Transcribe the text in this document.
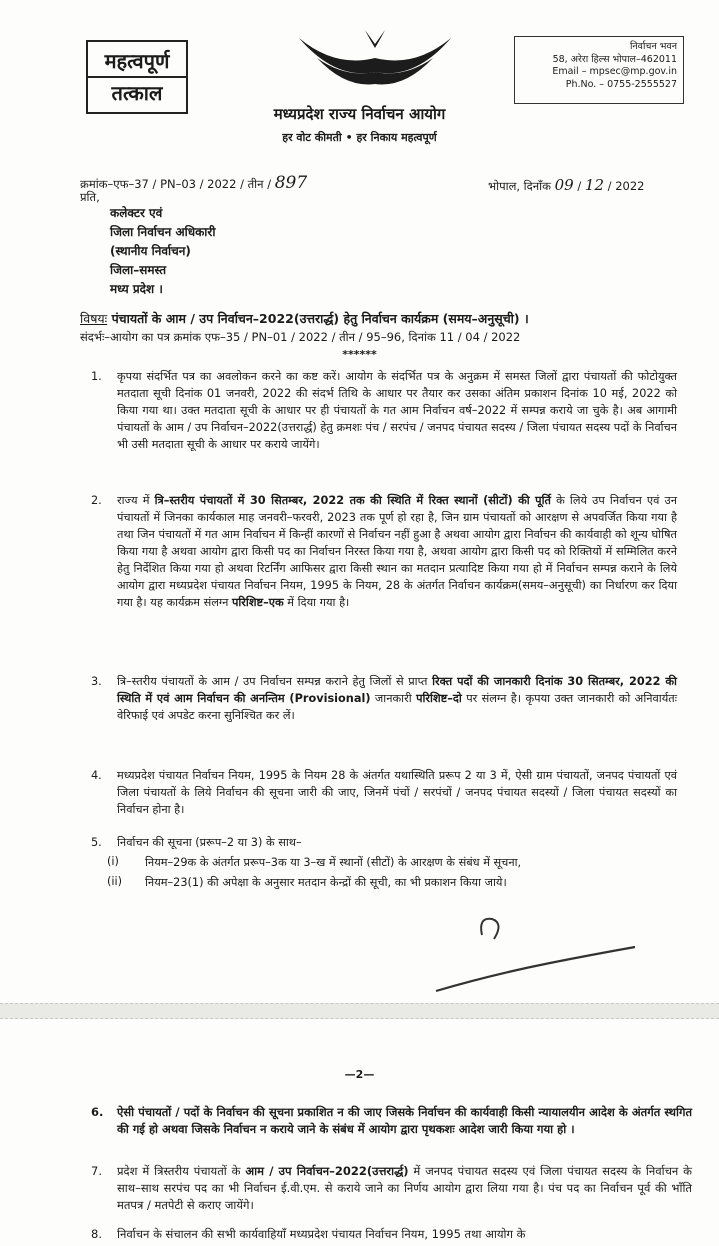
महत्वपूर्ण
तत्काल
निर्वाचन भवन
58, अरेरा हिल्स भोपाल–462011
Email – mpsec@mp.gov.in
Ph.No. – 0755-2555527
मध्यप्रदेश राज्य निर्वाचन आयोग
हर वोट कीमती • हर निकाय महत्वपूर्ण
क्रमांक–एफ–37 / PN–03 / 2022 / तीन / 897	भोपाल, दिनाँक 09 / 12 / 2022
प्रति,
कलेक्टर एवं
जिला निर्वाचन अधिकारी
(स्थानीय निर्वाचन)
जिला–समस्त
मध्य प्रदेश ।
विषयः पंचायतों के आम / उप निर्वाचन–2022(उत्तरार्द्ध) हेतु निर्वाचन कार्यक्रम (समय–अनुसूची) ।
संदर्भः–आयोग का पत्र क्रमांक एफ–35 / PN–01 / 2022 / तीन / 95–96, दिनांक 11 / 04 / 2022
******
1. कृपया संदर्भित पत्र का अवलोकन करने का कष्ट करें। आयोग के संदर्भित पत्र के अनुक्रम में समस्त जिलों द्वारा पंचायतों की फोटोयुक्त मतदाता सूची दिनांक 01 जनवरी, 2022 की संदर्भ तिथि के आधार पर तैयार कर उसका अंतिम प्रकाशन दिनांक 10 मई, 2022 को किया गया था। उक्त मतदाता सूची के आधार पर ही पंचायतों के गत आम निर्वाचन वर्ष–2022 में सम्पन्न कराये जा चुके है। अब आगामी पंचायतों के आम / उप निर्वाचन–2022(उत्तरार्द्ध) हेतु क्रमशः पंच / सरपंच / जनपद पंचायत सदस्य / जिला पंचायत सदस्य पदों के निर्वाचन भी उसी मतदाता सूची के आधार पर कराये जायेंगे।
2. राज्य में त्रि–स्तरीय पंचायतों में 30 सितम्बर, 2022 तक की स्थिति में रिक्त स्थानों (सीटों) की पूर्ति के लिये उप निर्वाचन एवं उन पंचायतों में जिनका कार्यकाल माह जनवरी–फरवरी, 2023 तक पूर्ण हो रहा है, जिन ग्राम पंचायतों को आरक्षण से अपवर्जित किया गया है तथा जिन पंचायतों में गत आम निर्वाचन में किन्हीं कारणों से निर्वाचन नहीं हुआ है अथवा आयोग द्वारा निर्वाचन की कार्यवाही को शून्य घोषित किया गया है अथवा आयोग द्वारा किसी पद का निर्वाचन निरस्त किया गया है, अथवा आयोग द्वारा किसी पद को रिक्तियों में सम्मिलित करने हेतु निर्देशित किया गया हो अथवा रिटर्निंग आफिसर द्वारा किसी स्थान का मतदान प्रत्यादिष्ट किया गया हो में निर्वाचन सम्पन्न कराने के लिये आयोग द्वारा मध्यप्रदेश पंचायत निर्वाचन नियम, 1995 के नियम, 28 के अंतर्गत निर्वाचन कार्यक्रम(समय–अनुसूची) का निर्धारण कर दिया गया है। यह कार्यक्रम संलग्न परिशिष्ट–एक में दिया गया है।
3. त्रि–स्तरीय पंचायतों के आम / उप निर्वाचन सम्पन्न कराने हेतु जिलों से प्राप्त रिक्त पदों की जानकारी दिनांक 30 सितम्बर, 2022 की स्थिति में एवं आम निर्वाचन की अनन्तिम (Provisional) जानकारी परिशिष्ट–दो पर संलग्न है। कृपया उक्त जानकारी को अनिवार्यतः वेरिफाई एवं अपडेट करना सुनिश्चित कर लें।
4. मध्यप्रदेश पंचायत निर्वाचन नियम, 1995 के नियम 28 के अंतर्गत यथास्थिति प्ररूप 2 या 3 में, ऐसी ग्राम पंचायतों, जनपद पंचायतों एवं जिला पंचायतों के लिये निर्वाचन की सूचना जारी की जाए, जिनमें पंचों / सरपंचों / जनपद पंचायत सदस्यों / जिला पंचायत सदस्यों का निर्वाचन होना है।
5. निर्वाचन की सूचना (प्ररूप–2 या 3) के साथ–
(i) नियम–29क के अंतर्गत प्ररूप–3क या 3–ख में स्थानों (सीटों) के आरक्षण के संबंध में सूचना,
(ii) नियम–23(1) की अपेक्षा के अनुसार मतदान केन्द्रों की सूची, का भी प्रकाशन किया जाये।
—2—
6. ऐसी पंचायतों / पदों के निर्वाचन की सूचना प्रकाशित न की जाए जिसके निर्वाचन की कार्यवाही किसी न्यायालयीन आदेश के अंतर्गत स्थगित की गई हो अथवा जिसके निर्वाचन न कराये जाने के संबंध में आयोग द्वारा पृथकशः आदेश जारी किया गया हो ।
7. प्रदेश में त्रिस्तरीय पंचायतों के आम / उप निर्वाचन–2022(उत्तरार्द्ध) में जनपद पंचायत सदस्य एवं जिला पंचायत सदस्य के निर्वाचन के साथ–साथ सरपंच पद का भी निर्वाचन ई.वी.एम. से कराये जाने का निर्णय आयोग द्वारा लिया गया है। पंच पद का निर्वाचन पूर्व की भाँति मतपत्र / मतपेटी से कराए जायेंगे।
8. निर्वाचन के संचालन की सभी कार्यवाहियाँ मध्यप्रदेश पंचायत निर्वाचन नियम, 1995 तथा आयोग के
